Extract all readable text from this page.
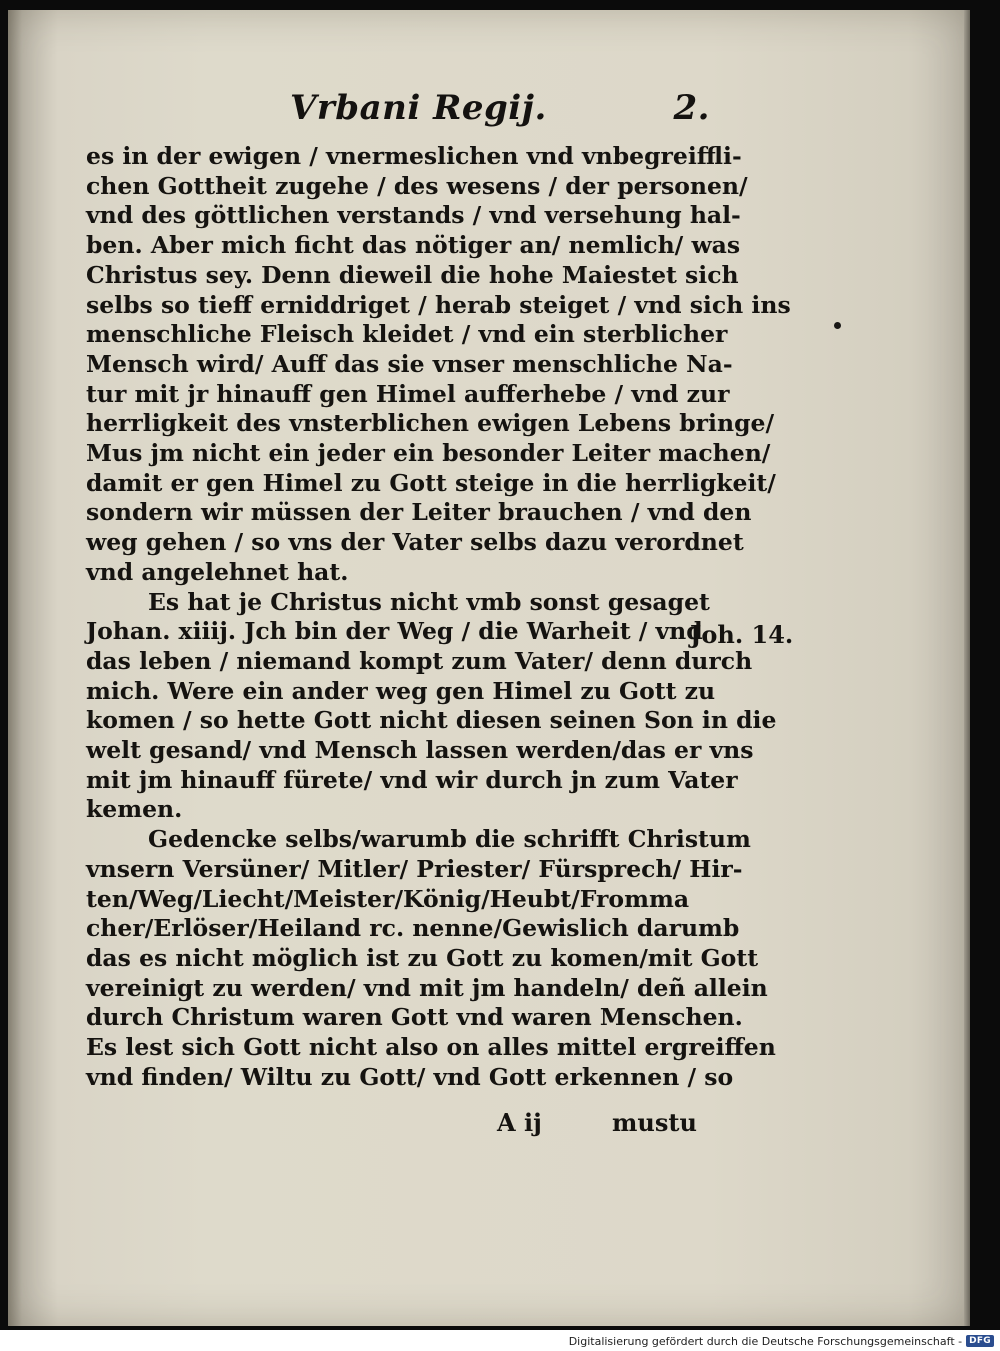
Vrbani Regij.	2.
es in der ewigen / vnermeslichen vnd vnbegreiffli-
chen Gottheit zugehe / des wesens / der personen/
vnd des göttlichen verstands / vnd versehung hal-
ben. Aber mich ficht das nötiger an/ nemlich/ was
Christus sey. Denn dieweil die hohe Maiestet sich
selbs so tieff erniddriget / herab steiget / vnd sich ins
menschliche Fleisch kleidet / vnd ein sterblicher
Mensch wird/ Auff das sie vnser menschliche Na-
tur mit jr hinauff gen Himel aufferhebe / vnd zur
herrligkeit des vnsterblichen ewigen Lebens bringe/
Mus jm nicht ein jeder ein besonder Leiter machen/
damit er gen Himel zu Gott steige in die herrligkeit/
sondern wir müssen der Leiter brauchen / vnd den
weg gehen / so vns der Vater selbs dazu verordnet
vnd angelehnet hat.
Es hat je Christus nicht vmb sonst gesaget
Johan. xiiij. Jch bin der Weg / die Warheit / vnd
das leben / niemand kompt zum Vater/ denn durch
mich. Were ein ander weg gen Himel zu Gott zu
komen / so hette Gott nicht diesen seinen Son in die
welt gesand/ vnd Mensch lassen werden/das er vns
mit jm hinauff fürete/ vnd wir durch jn zum Vater
kemen.
Gedencke selbs/warumb die schrifft Christum
vnsern Versüner/ Mitler/ Priester/ Fürsprech/ Hir-
ten/Weg/Liecht/Meister/König/Heubt/Fromma
cher/Erlöser/Heiland rc. nenne/Gewislich darumb
das es nicht möglich ist zu Gott zu komen/mit Gott
vereinigt zu werden/ vnd mit jm handeln/ deñ allein
durch Christum waren Gott vnd waren Menschen.
Es lest sich Gott nicht also on alles mittel ergreiffen
vnd finden/ Wiltu zu Gott/ vnd Gott erkennen / so
Joh. 14.
A ij	mustu
Digitalisierung gefördert durch die Deutsche Forschungsgemeinschaft - DFG
